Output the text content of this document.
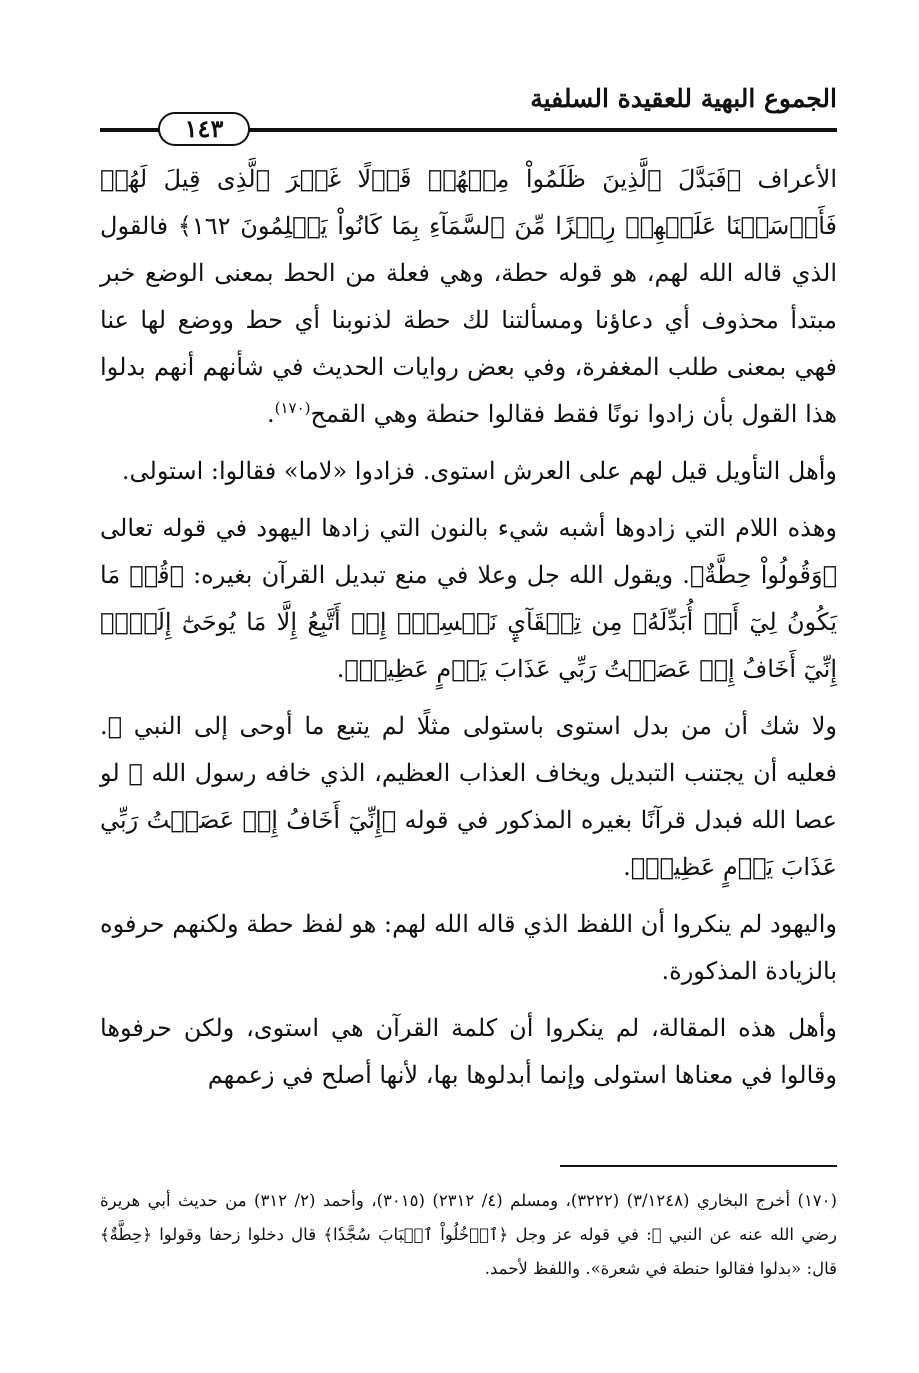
الجموع البهية للعقيدة السلفية
١٤٣

الأعراف ﴿فَبَدَّلَ ٱلَّذِينَ ظَلَمُواْ مِنۡهُمۡ قَوۡلًا غَيۡرَ ٱلَّذِى قِيلَ لَهُمۡ فَأَرۡسَلۡنَا عَلَيۡهِمۡ رِجۡزًا مِّنَ ٱلسَّمَآءِ بِمَا كَانُواْ يَظۡلِمُونَ ١٦٢﴾ فالقول الذي قاله الله لهم، هو قوله حطة، وهي فعلة من الحط بمعنى الوضع خبر مبتدأ محذوف أي دعاؤنا ومسألتنا لك حطة لذنوبنا أي حط ووضع لها عنا فهي بمعنى طلب المغفرة، وفي بعض روايات الحديث في شأنهم أنهم بدلوا هذا القول بأن زادوا نونًا فقط فقالوا حنطة وهي القمح$^{(١٧٠)}$.

وأهل التأويل قيل لهم على العرش استوى. فزادوا «لاما» فقالوا: استولى.

وهذه اللام التي زادوها أشبه شيء بالنون التي زادها اليهود في قوله تعالى ﴿وَقُولُواْ حِطَّةٌ﴾. ويقول الله جل وعلا في منع تبديل القرآن بغيره: ﴿قُلۡ مَا يَكُونُ لِيٓ أَنۡ أُبَدِّلَهُۥ مِن تِلۡقَآيِٕ نَفۡسِيٓۖ إِنۡ أَتَّبِعُ إِلَّا مَا يُوحَىٰٓ إِلَيَّۖ إِنِّيٓ أَخَافُ إِنۡ عَصَيۡتُ رَبِّي عَذَابَ يَوۡمٍ عَظِيمٖ﴾.

ولا شك أن من بدل استوى باستولى مثلًا لم يتبع ما أوحى إلى النبي ﷺ. فعليه أن يجتنب التبديل ويخاف العذاب العظيم، الذي خافه رسول الله ﷺ لو عصا الله فبدل قرآنًا بغيره المذكور في قوله ﴿إِنِّيٓ أَخَافُ إِنۡ عَصَيۡتُ رَبِّي عَذَابَ يَوۡمٍ عَظِيمٖ﴾.

واليهود لم ينكروا أن اللفظ الذي قاله الله لهم: هو لفظ حطة ولكنهم حرفوه بالزيادة المذكورة.

وأهل هذه المقالة، لم ينكروا أن كلمة القرآن هي استوى، ولكن حرفوها وقالوا في معناها استولى وإنما أبدلوها بها، لأنها أصلح في زعمهم

(١٧٠) أخرج البخاري (٣/١٢٤٨) (٣٢٢٢)، ومسلم (٤/ ٢٣١٢) (٣٠١٥)، وأحمد (٢/ ٣١٢) من حديث أبي هريرة رضي الله عنه عن النبي ﷺ: في قوله عز وجل ﴿ٱدۡخُلُواْ ٱلۡبَابَ سُجَّدٗا﴾ قال دخلوا زحفا وقولوا ﴿حِطَّةٌ﴾ قال: «بدلوا فقالوا حنطة في شعرة». واللفظ لأحمد.
